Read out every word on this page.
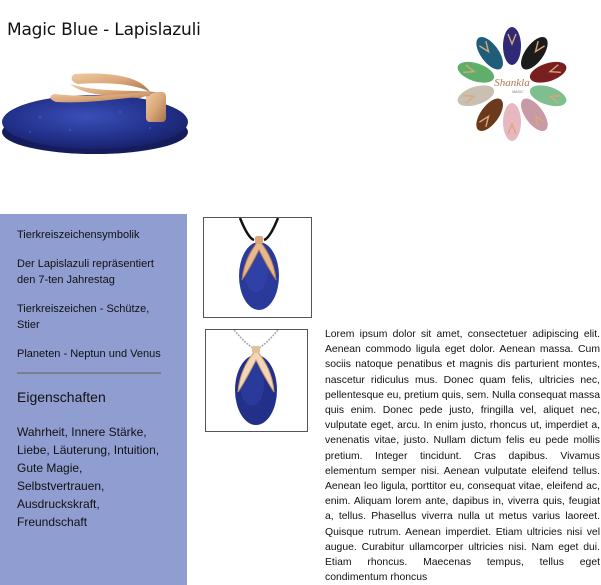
Magic Blue - Lapislazuli
Shankla
MAGIC
Tierkreiszeichensymbolik
Der Lapislazuli repräsentiert den 7-ten Jahrestag
Tierkreiszeichen - Schütze, Stier
Planeten - Neptun und Venus
Eigenschaften
Wahrheit, Innere Stärke, Liebe, Läuterung, Intuition, Gute Magie, Selbstvertrauen, Ausdruckskraft, Freundschaft
Lorem ipsum dolor sit amet, consectetuer adipiscing elit. Aenean commodo ligula eget dolor. Aenean massa. Cum sociis natoque penatibus et magnis dis parturient montes, nascetur ridiculus mus. Donec quam felis, ultricies nec, pellentesque eu, pretium quis, sem. Nulla consequat massa quis enim. Donec pede justo, fringilla vel, aliquet nec, vulputate eget, arcu. In enim justo, rhoncus ut, imperdiet a, venenatis vitae, justo. Nullam dictum felis eu pede mollis pretium. Integer tincidunt. Cras dapibus. Vivamus elementum semper nisi. Aenean vulputate eleifend tellus. Aenean leo ligula, porttitor eu, consequat vitae, eleifend ac, enim. Aliquam lorem ante, dapibus in, viverra quis, feugiat a, tellus. Phasellus viverra nulla ut metus varius laoreet. Quisque rutrum. Aenean imperdiet. Etiam ultricies nisi vel augue. Curabitur ullamcorper ultricies nisi. Nam eget dui. Etiam rhoncus. Maecenas tempus, tellus eget condimentum rhoncus
